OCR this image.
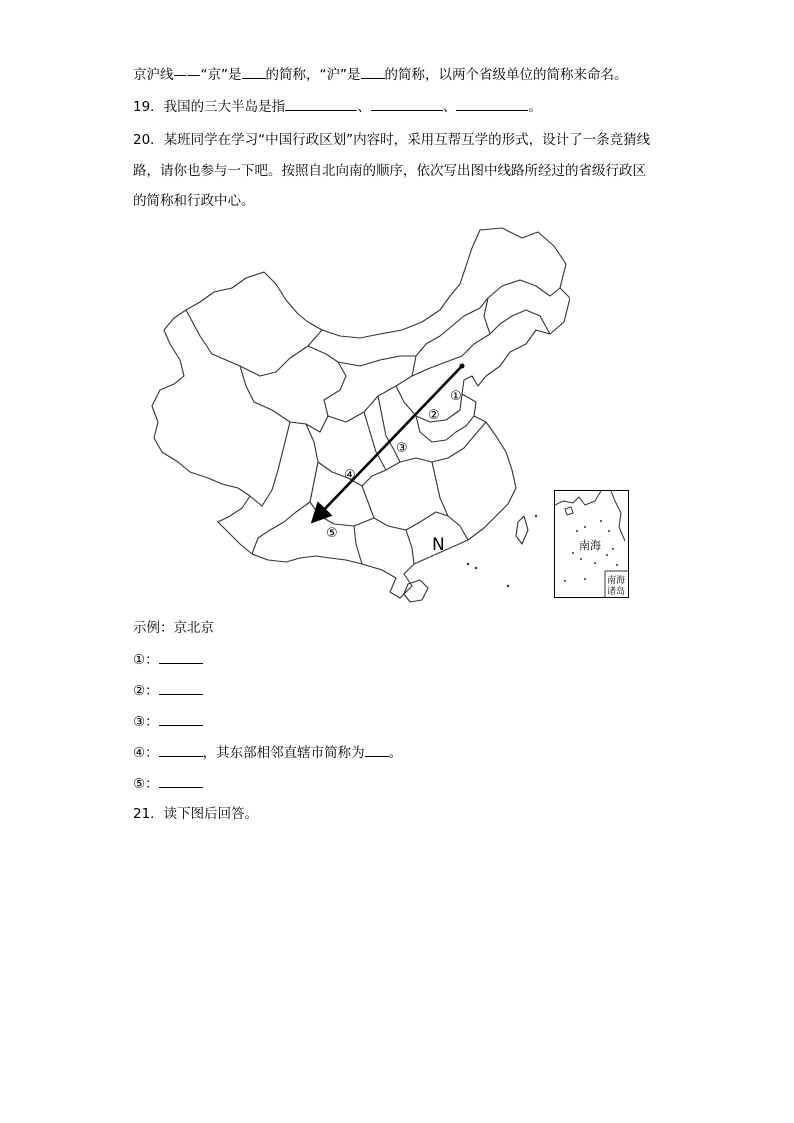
京沪线——“京”是 的简称，“沪”是 的简称，以两个省级单位的简称来命名。
19．我国的三大半岛是指	、	、	。
20．某班同学在学习“中国行政区划”内容时，采用互帮互学的形式，设计了一条竞猜线
路，请你也参与一下吧。按照自北向南的顺序，依次写出图中线路所经过的省级行政区
的简称和行政中心。
①
②
③
④
⑤
N	南海
南海
诸岛
示例：京北京
①：
②：
③：
④：	，其东部相邻直辖市简称为 。
⑤：
21．读下图后回答。
